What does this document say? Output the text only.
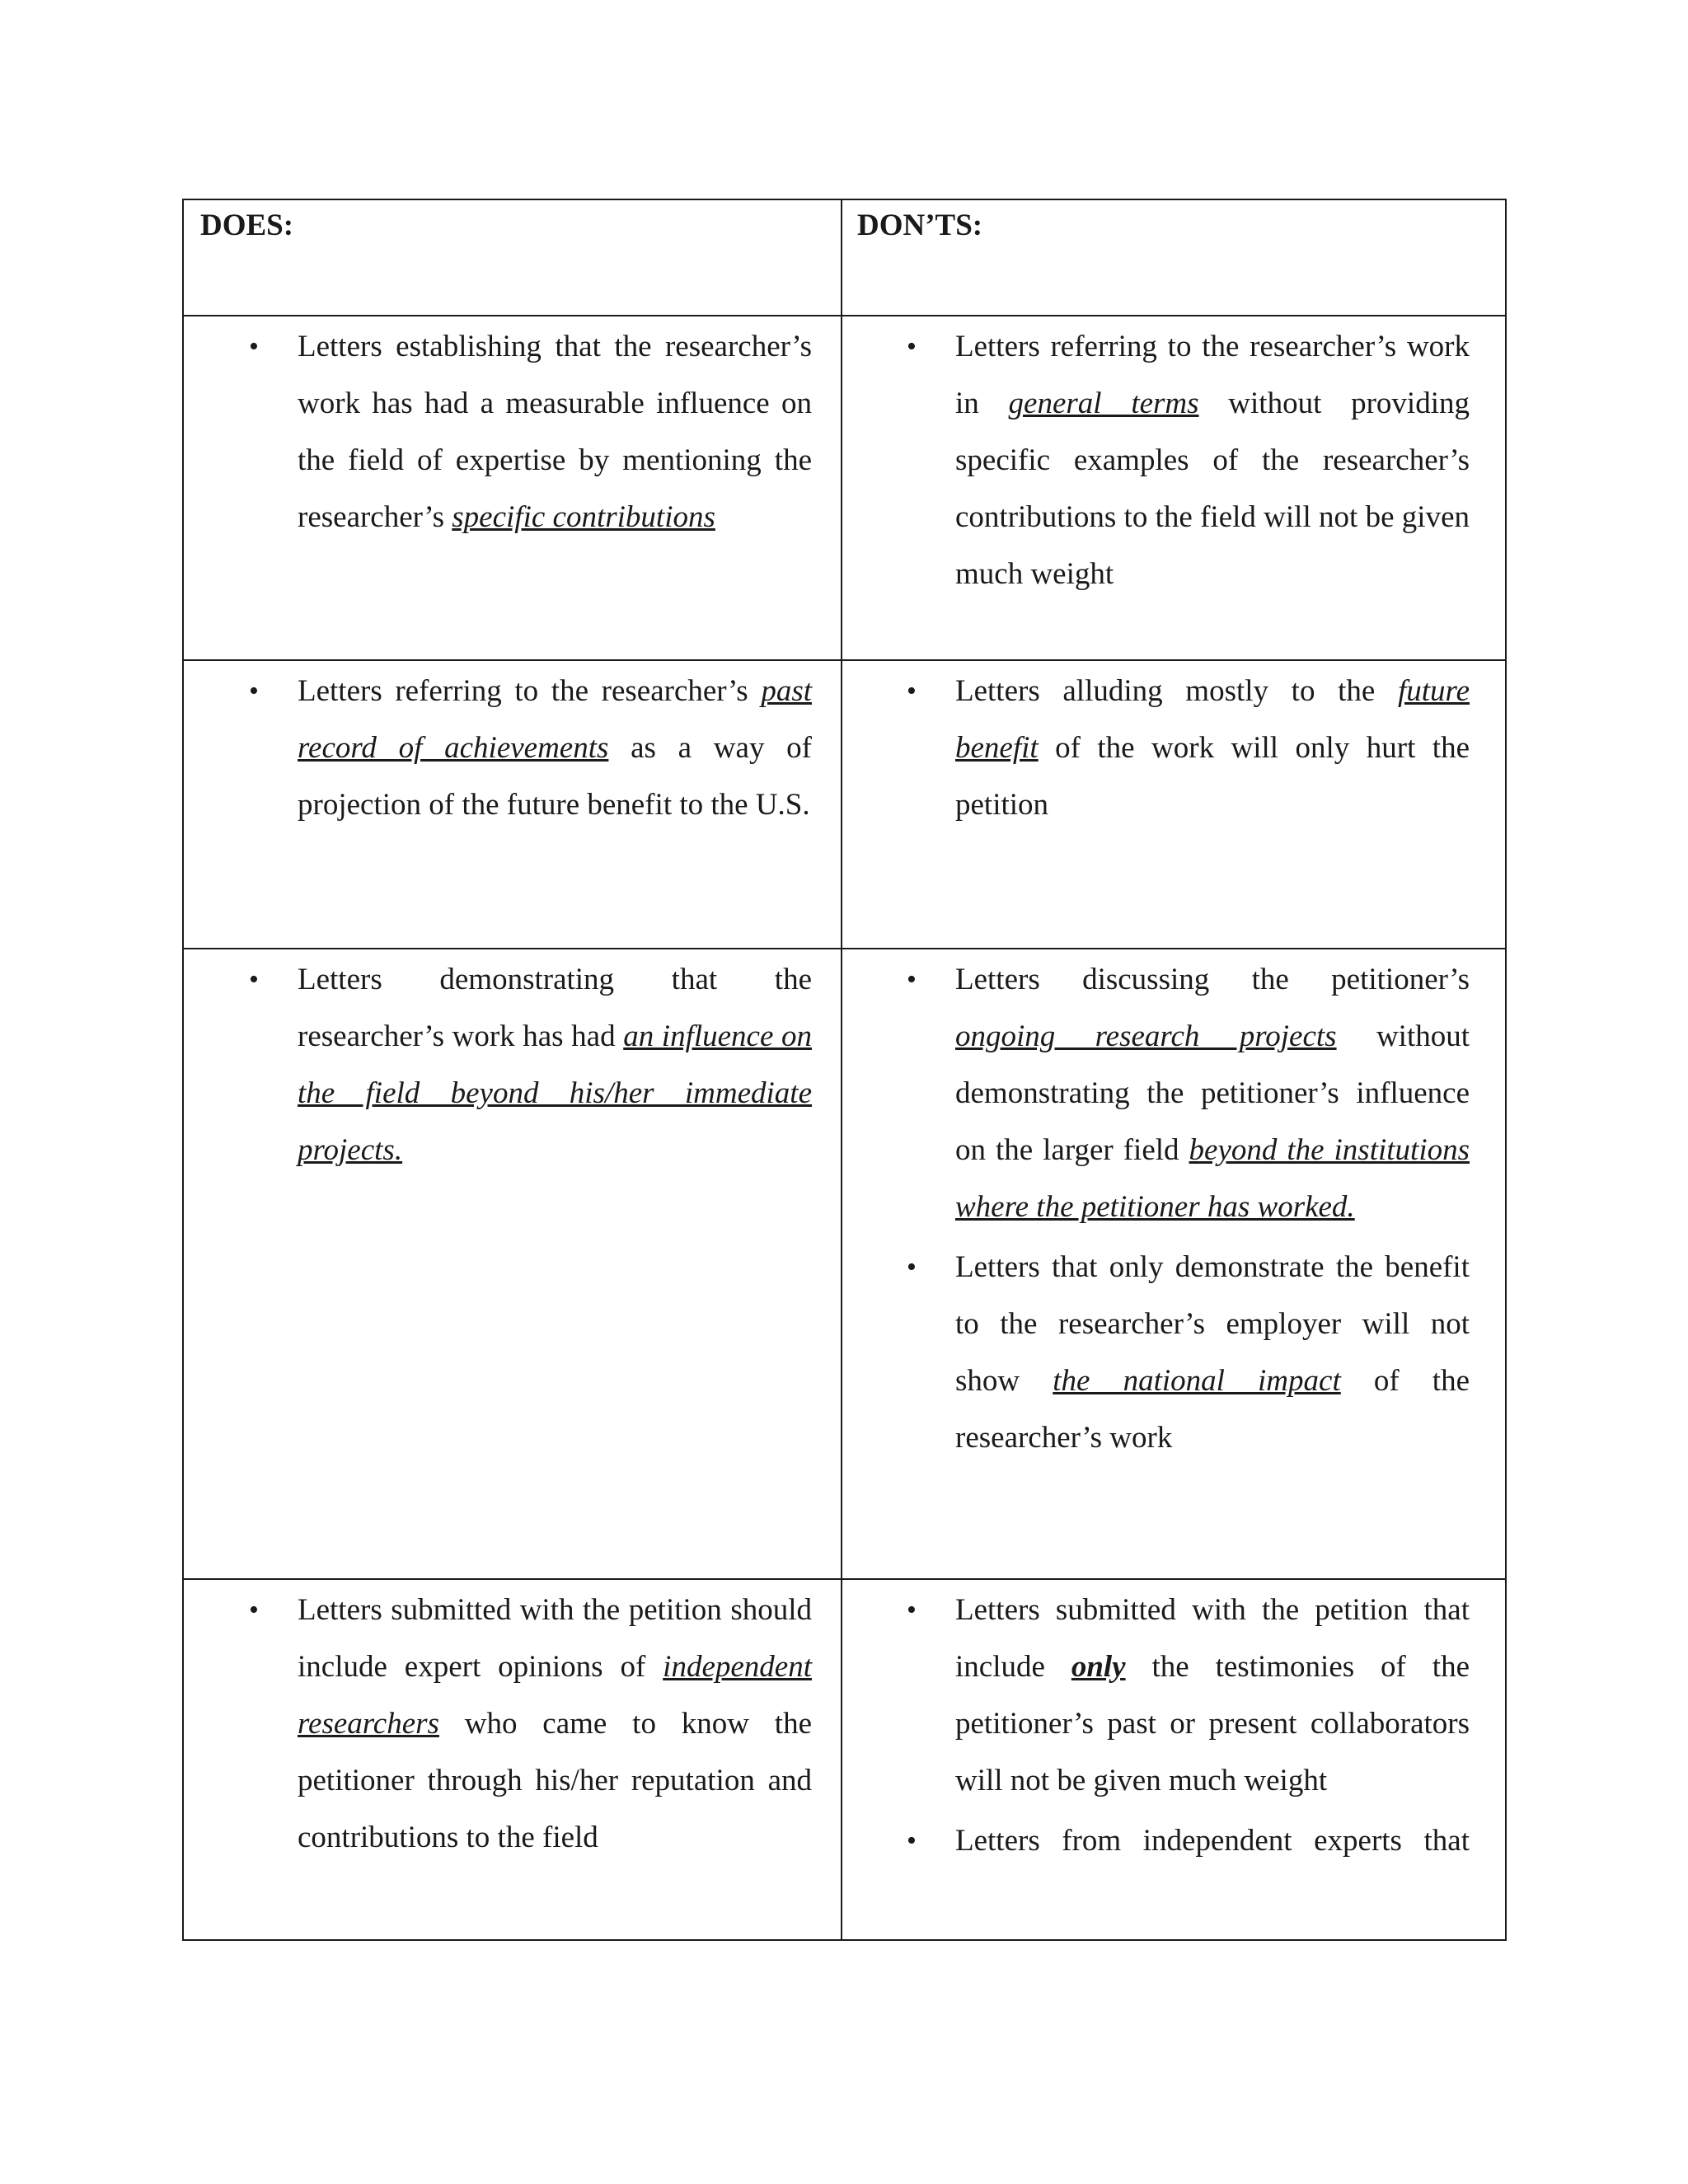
DOES:	DON’TS:
• Letters establishing that the researcher’s work has had a measurable influence on the field of expertise by mentioning the researcher’s specific contributions
• Letters referring to the researcher’s work in general terms without providing specific examples of the researcher’s contributions to the field will not be given much weight
• Letters referring to the researcher’s past record of achievements as a way of projection of the future benefit to the U.S.
• Letters alluding mostly to the future benefit of the work will only hurt the petition
• Letters demonstrating that the researcher’s work has had an influence on the field beyond his/her immediate projects.
• Letters discussing the petitioner’s ongoing research projects without demonstrating the petitioner’s influence on the larger field beyond the institutions where the petitioner has worked.
• Letters that only demonstrate the benefit to the researcher’s employer will not show the national impact of the researcher’s work
• Letters submitted with the petition should include expert opinions of independent researchers who came to know the petitioner through his/her reputation and contributions to the field
• Letters submitted with the petition that include only the testimonies of the petitioner’s past or present collaborators will not be given much weight
• Letters from independent experts that
